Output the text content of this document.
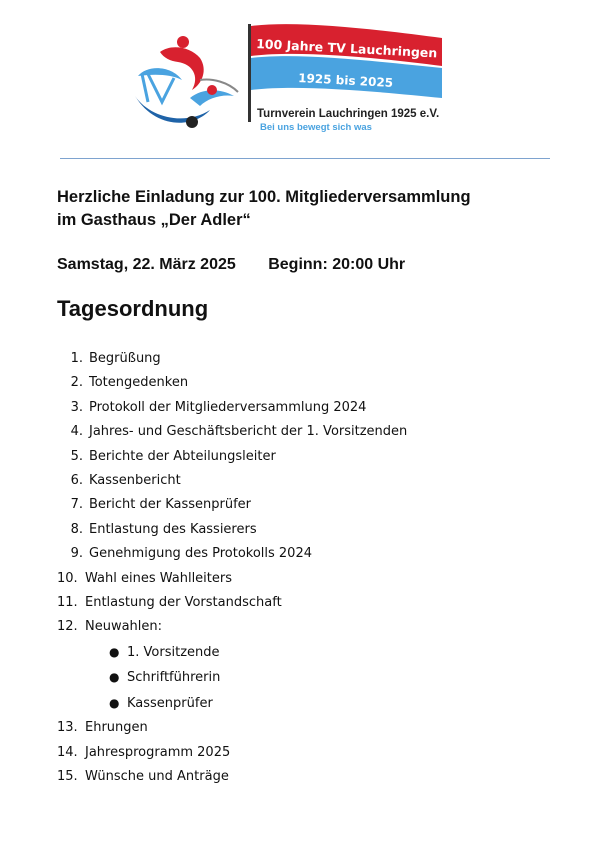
100 Jahre TV Lauchringen
1925 bis 2025
Turnverein Lauchringen 1925 e.V.
Bei uns bewegt sich was
Herzliche Einladung zur 100. Mitgliederversammlung
im Gasthaus „Der Adler“
Samstag, 22. März 2025 Beginn: 20:00 Uhr
Tagesordnung
1. Begrüßung
2. Totengedenken
3. Protokoll der Mitgliederversammlung 2024
4. Jahres- und Geschäftsbericht der 1. Vorsitzenden
5. Berichte der Abteilungsleiter
6. Kassenbericht
7. Bericht der Kassenprüfer
8. Entlastung des Kassierers
9. Genehmigung des Protokolls 2024
10. Wahl eines Wahlleiters
11. Entlastung der Vorstandschaft
12. Neuwahlen:
● 1. Vorsitzende
● Schriftführerin
● Kassenprüfer
13. Ehrungen
14. Jahresprogramm 2025
15. Wünsche und Anträge
